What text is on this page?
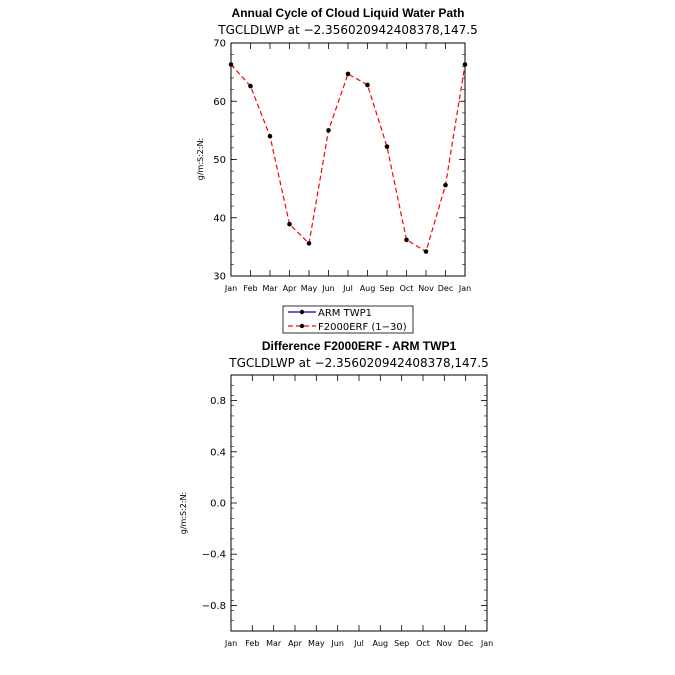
Annual Cycle of Cloud Liquid Water Path
TGCLDLWP at −2.356020942408378,147.5
g/m:S:2:N:
Jan Feb Mar Apr May Jun Jul Aug Sep Oct Nov Dec Jan
30
40
50
60
70
ARM TWP1
F2000ERF (1−30)
Difference F2000ERF - ARM TWP1
TGCLDLWP at −2.356020942408378,147.5
g/m:S:2:N:
Jan Feb Mar Apr May Jun Jul Aug Sep Oct Nov Dec Jan
−0.8
−0.4
0.0
0.4
0.8
